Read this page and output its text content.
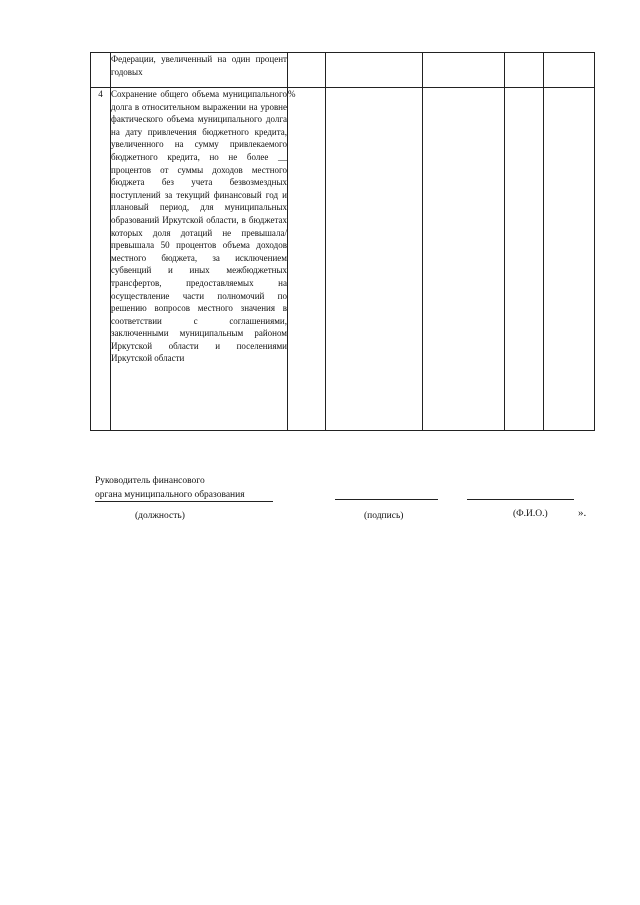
	Федерации, увеличенный на один процент годовых					
4	Сохранение общего объема муниципального долга в относительном выражении на уровне фактического объема муниципального долга на дату привлечения бюджетного кредита, увеличенного на сумму привлекаемого бюджетного кредита, но не более __ процентов от суммы доходов местного бюджета без учета безвозмездных поступлений за текущий финансовый год и плановый период, для муниципальных образований Иркутской области, в бюджетах которых доля дотаций не превышала/превышала 50 процентов объема доходов местного бюджета, за исключением субвенций и иных межбюджетных трансфертов, предоставляемых на осуществление части полномочий по решению вопросов местного значения в соответствии с соглашениями, заключенными муниципальным районом Иркутской области и поселениями Иркутской области	%				
Руководитель финансового
органа муниципального образования
(должность)	(подпись)	(Ф.И.О.)	».
